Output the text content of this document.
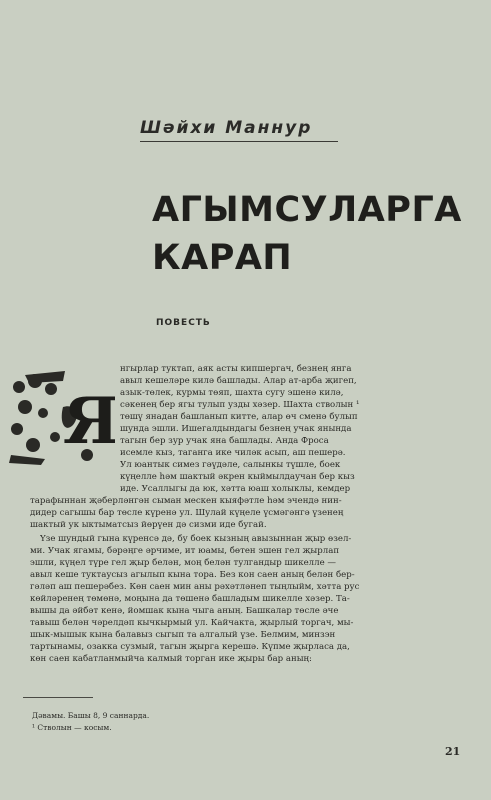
Шәйхи Маннур
АГЫМСУЛАРГА
КАРАП
ПОВЕСТЬ
Я
нгырлар туктап, аяк асты кипшергач, безнең янга
авыл кешеләре килә башлады. Алар ат-арба җигеп,
азык-төлек, курмы төяп, шахта сугу эшенә килә,
сәкенең бер ягы тулып узды хәзер. Шахта стволын ¹
төшү янадан башланып китте, алар өч сменә булып
шунда эшли. Ишегалдындагы безнең учак янында
тагын бер зур учак яна башлады. Анда Фроса
исемле кыз, таганга ике чиләк асып, аш пешерә.
Ул юантык симез гәүдәле, салынкы түшле, боек
күңелле һәм шактый әкрен кыймылдаучан бер кыз
иде. Усаллыгы да юк, хәтта юаш холыклы, кемдер
тарафыннан җәберләнгән сыман мескен кыяфәтле һәм эчендә нин-
дидер сагышы бар төсле күренә ул. Шулай күңеле үсмәгәнгә үзенең
шактый ук ыктыматсыз йөрүен дә сизми иде бугай.
Үзе шундый гына күренсә дә, бу боек кызның авызыннан җыр өзел-
ми. Учак ягамы, бәрәңге әрчиме, ит юамы, бөтен эшен гел җырлап
эшли, күңел түре гел җыр белән, моң белән тулгандыр шикелле —
авыл кеше туктаусыз агылып кына тора. Без кон саен аның белән бер-
гәләп аш пешерәбез. Көн саен мин аны рәхәтләнеп тыңлыйм, хәтта рус
көйләренең төмөнә, моңына да төшенә башладым шикелле хәзер. Та-
вышы да әйбәт кенә, йомшак кына чыга аның. Башкалар төсле әче
тавыш белән чәрелдәп кычкырмый ул. Кайчакта, җырлый торгач, мы-
шык-мышык кына балавыз сыгып та алгалый үзе. Белмим, минзэн
тартынамы, озакка сузмый, тагын җырга керешә. Күпме җырласа да,
көн саен кабатланмыйча калмый торган ике җыры бар аның:
Дәвамы. Башы 8, 9 саннарда.
¹ Стволын — косым.
21
